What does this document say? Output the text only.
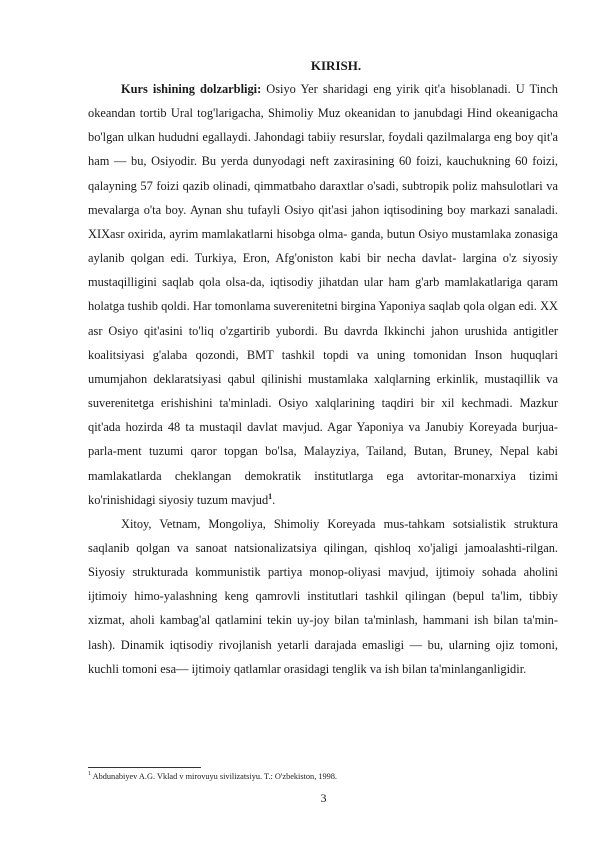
KIRISH.

Kurs ishining dolzarbligi: Osiyo Yer sharidagi eng yirik qit'a hisoblanadi. U Tinch okeandan tortib Ural tog'larigacha, Shimoliy Muz okeanidan to janubdagi Hind okeanigacha bo'lgan ulkan hududni egallaydi. Jahondagi tabiiy resurslar, foydali qazilmalarga eng boy qit'a ham — bu, Osiyodir. Bu yerda dunyodagi neft zaxirasining 60 foizi, kauchukning 60 foizi, qalayning 57 foizi qazib olinadi, qimmatbaho daraxtlar o'sadi, subtropik poliz mahsulotlari va mevalarga o'ta boy. Aynan shu tufayli Osiyo qit'asi jahon iqtisodining boy markazi sanaladi. XIXasr oxirida, ayrim mamlakatlarni hisobga olma- ganda, butun Osiyo mustamlaka zonasiga aylanib qolgan edi. Turkiya, Eron, Afg'oniston kabi bir necha davlat- largina o'z siyosiy mustaqilligini saqlab qola olsa-da, iqtisodiy jihatdan ular ham g'arb mamlakatlariga qaram holatga tushib qoldi. Har tomonlama suverenitetni birgina Yaponiya saqlab qola olgan edi. XX asr Osiyo qit'asini to'liq o'zgartirib yubordi. Bu davrda Ikkinchi jahon urushida antigitler koalitsiyasi g'alaba qozondi, BMT tashkil topdi va uning tomonidan Inson huquqlari umumjahon deklaratsiyasi qabul qilinishi mustamlaka xalqlarning erkinlik, mustaqillik va suverenitetga erishishini ta'minladi. Osiyo xalqlarining taqdiri bir xil kechmadi. Mazkur qit'ada hozirda 48 ta mustaqil davlat mavjud. Agar Yaponiya va Janubiy Koreyada burjua-parla-ment tuzumi qaror topgan bo'lsa, Malayziya, Tailand, Butan, Bruney, Nepal kabi mamlakatlarda cheklangan demokratik institutlarga ega avtoritar-monarxiya tizimi ko'rinishidagi siyosiy tuzum mavjud$^1$.

Xitoy, Vetnam, Mongoliya, Shimoliy Koreyada mus-tahkam sotsialistik struktura saqlanib qolgan va sanoat natsionalizatsiya qilingan, qishloq xo'jaligi jamoalashti-rilgan. Siyosiy strukturada kommunistik partiya monop-oliyasi mavjud, ijtimoiy sohada aholini ijtimoiy himo-yalashning keng qamrovli institutlari tashkil qilingan (bepul ta'lim, tibbiy xizmat, aholi kambag'al qatlamini tekin uy-joy bilan ta'minlash, hammani ish bilan ta'min-lash). Dinamik iqtisodiy rivojlanish yetarli darajada emasligi — bu, ularning ojiz tomoni, kuchli tomoni esa— ijtimoiy qatlamlar orasidagi tenglik va ish bilan ta'minlanganligidir.

$^1$ Abdunabiyev A.G. Vklad v mirovuyu sivilizatsiyu. T.: O'zbekiston, 1998.
3
